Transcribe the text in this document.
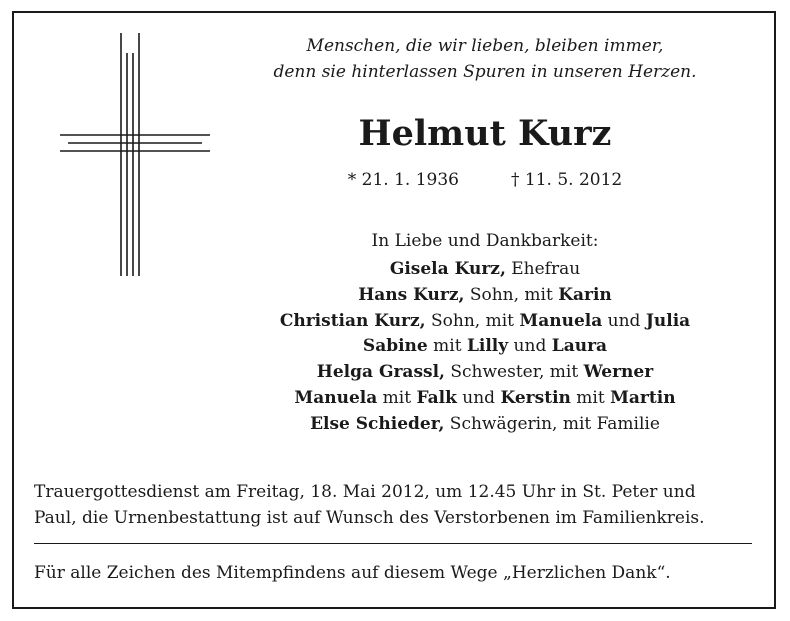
Menschen, die wir lieben, bleiben immer,
denn sie hinterlassen Spuren in unseren Herzen.
Helmut Kurz
* 21. 1. 1936	† 11. 5. 2012
In Liebe und Dankbarkeit:
Gisela Kurz, Ehefrau
Hans Kurz, Sohn, mit Karin
Christian Kurz, Sohn, mit Manuela und Julia
Sabine mit Lilly und Laura
Helga Grassl, Schwester, mit Werner
Manuela mit Falk und Kerstin mit Martin
Else Schieder, Schwägerin, mit Familie
Trauergottesdienst am Freitag, 18. Mai 2012, um 12.45 Uhr in St. Peter und
Paul, die Urnenbestattung ist auf Wunsch des Verstorbenen im Familienkreis.
Für alle Zeichen des Mitempfindens auf diesem Wege „Herzlichen Dank“.
